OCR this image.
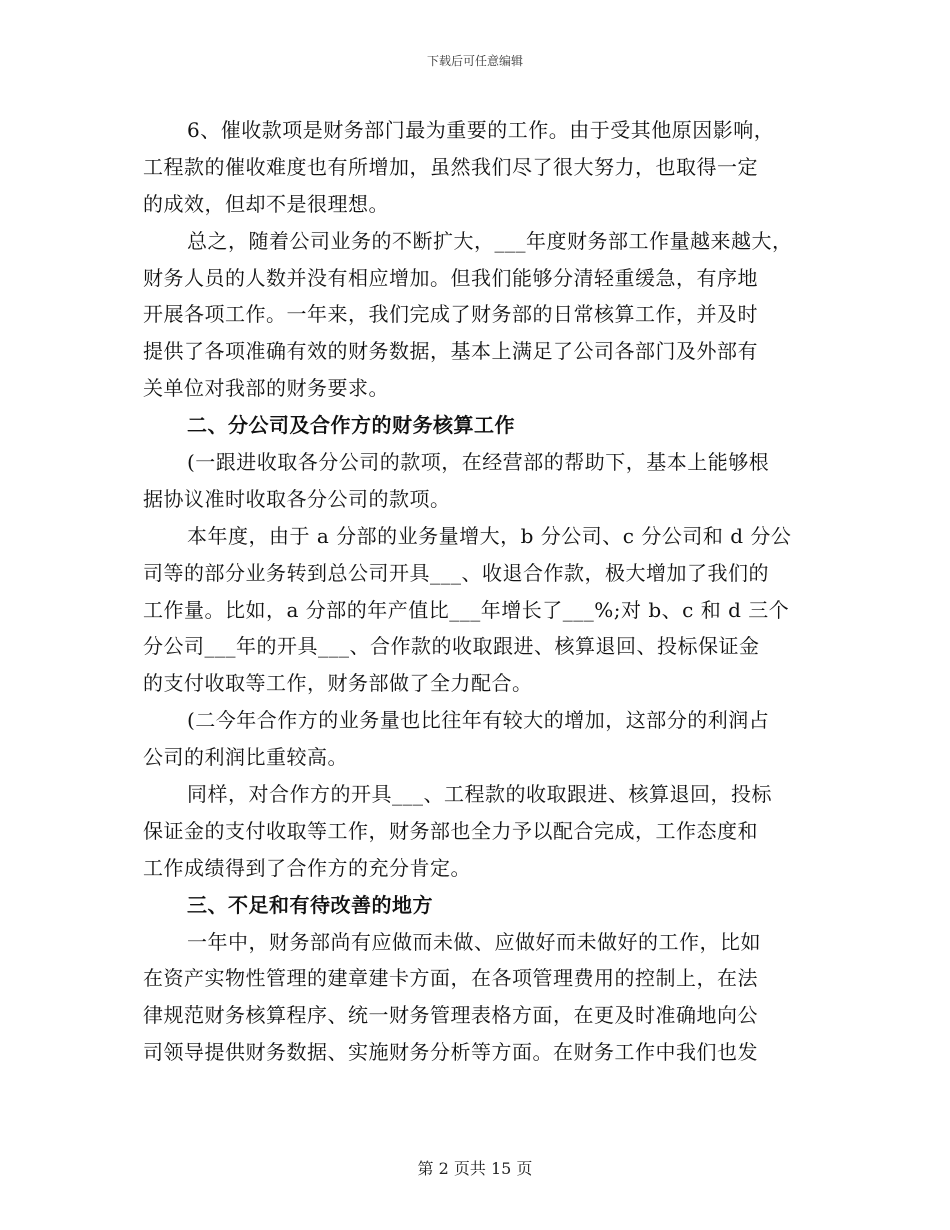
下载后可任意编辑
6、催收款项是财务部门最为重要的工作。由于受其他原因影响，
工程款的催收难度也有所增加，虽然我们尽了很大努力，也取得一定
的成效，但却不是很理想。
总之，随着公司业务的不断扩大，___年度财务部工作量越来越大，
财务人员的人数并没有相应增加。但我们能够分清轻重缓急，有序地
开展各项工作。一年来，我们完成了财务部的日常核算工作，并及时
提供了各项准确有效的财务数据，基本上满足了公司各部门及外部有
关单位对我部的财务要求。
二、分公司及合作方的财务核算工作
(一跟进收取各分公司的款项，在经营部的帮助下，基本上能够根
据协议准时收取各分公司的款项。
本年度，由于 a 分部的业务量增大，b 分公司、c 分公司和 d 分公
司等的部分业务转到总公司开具___、收退合作款，极大增加了我们的
工作量。比如，a 分部的年产值比___年增长了___%;对 b、c 和 d 三个
分公司___年的开具___、合作款的收取跟进、核算退回、投标保证金
的支付收取等工作，财务部做了全力配合。
(二今年合作方的业务量也比往年有较大的增加，这部分的利润占
公司的利润比重较高。
同样，对合作方的开具___、工程款的收取跟进、核算退回，投标
保证金的支付收取等工作，财务部也全力予以配合完成，工作态度和
工作成绩得到了合作方的充分肯定。
三、不足和有待改善的地方
一年中，财务部尚有应做而未做、应做好而未做好的工作，比如
在资产实物性管理的建章建卡方面，在各项管理费用的控制上，在法
律规范财务核算程序、统一财务管理表格方面，在更及时准确地向公
司领导提供财务数据、实施财务分析等方面。在财务工作中我们也发
第 2 页共 15 页
